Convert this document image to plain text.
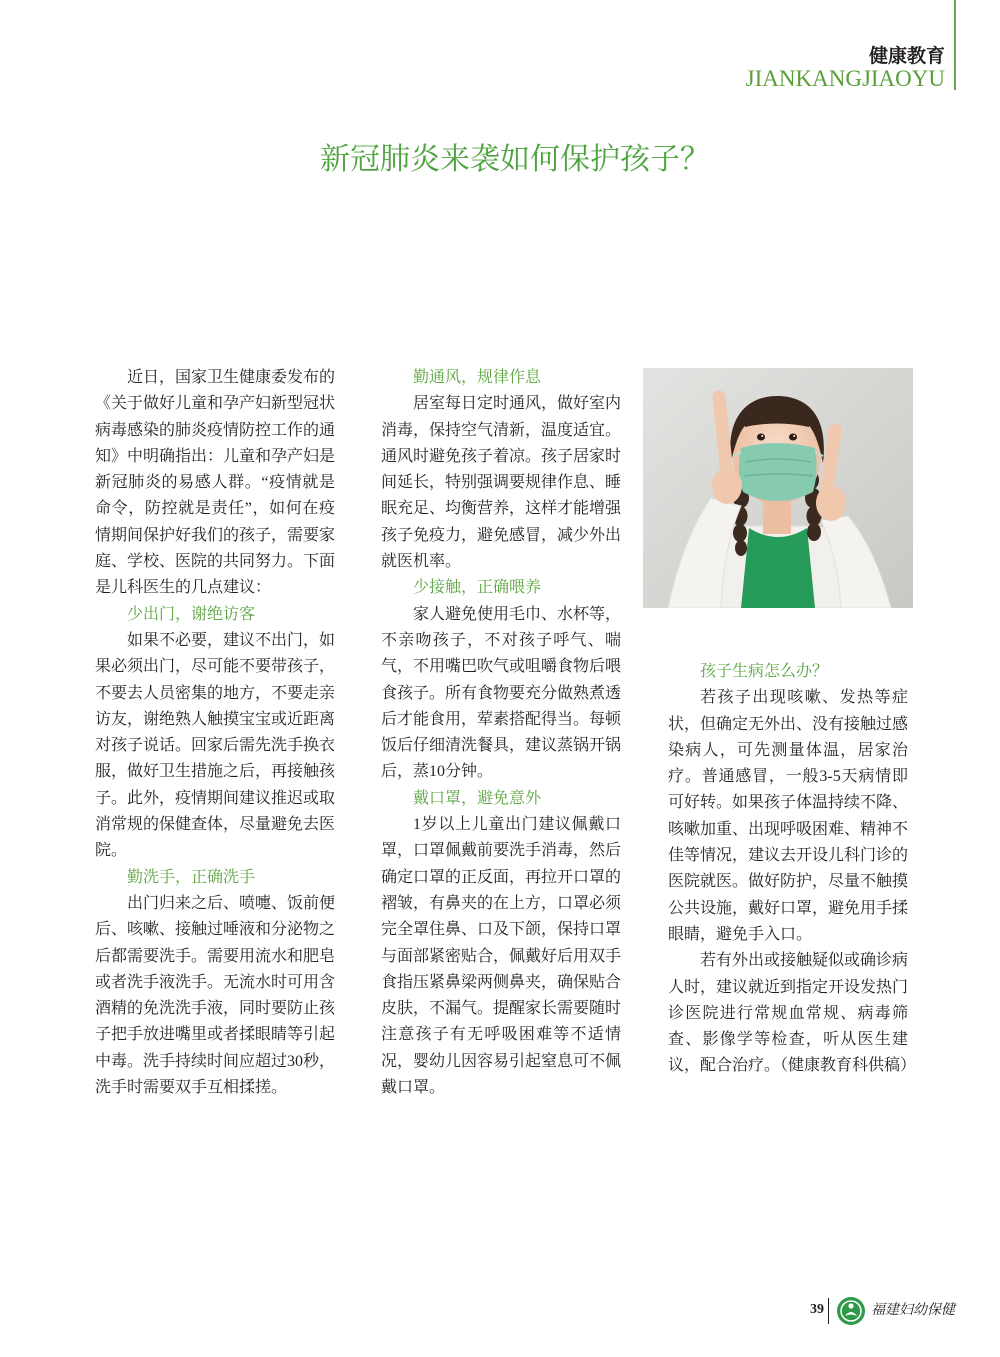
健康教育
JIANKANGJIAOYU
新冠肺炎来袭如何保护孩子？

近日，国家卫生健康委发布的《关于做好儿童和孕产妇新型冠状病毒感染的肺炎疫情防控工作的通知》中明确指出：儿童和孕产妇是新冠肺炎的易感人群。“疫情就是命令，防控就是责任”，如何在疫情期间保护好我们的孩子，需要家庭、学校、医院的共同努力。下面是儿科医生的几点建议：

少出门，谢绝访客

如果不必要，建议不出门，如果必须出门，尽可能不要带孩子，不要去人员密集的地方，不要走亲访友，谢绝熟人触摸宝宝或近距离对孩子说话。回家后需先洗手换衣服，做好卫生措施之后，再接触孩子。此外，疫情期间建议推迟或取消常规的保健查体，尽量避免去医院。

勤洗手，正确洗手

出门归来之后、喷嚏、饭前便后、咳嗽、接触过唾液和分泌物之后都需要洗手。需要用流水和肥皂或者洗手液洗手。无流水时可用含酒精的免洗洗手液，同时要防止孩子把手放进嘴里或者揉眼睛等引起中毒。洗手持续时间应超过30秒，洗手时需要双手互相揉搓。

勤通风，规律作息

居室每日定时通风，做好室内消毒，保持空气清新，温度适宜。通风时避免孩子着凉。孩子居家时间延长，特别强调要规律作息、睡眠充足、均衡营养，这样才能增强孩子免疫力，避免感冒，减少外出就医机率。

少接触，正确喂养

家人避免使用毛巾、水杯等，不亲吻孩子，不对孩子呼气、喘气，不用嘴巴吹气或咀嚼食物后喂食孩子。所有食物要充分做熟煮透后才能食用，荤素搭配得当。每顿饭后仔细清洗餐具，建议蒸锅开锅后，蒸10分钟。

戴口罩，避免意外

1岁以上儿童出门建议佩戴口罩，口罩佩戴前要洗手消毒，然后确定口罩的正反面，再拉开口罩的褶皱，有鼻夹的在上方，口罩必须完全罩住鼻、口及下颌，保持口罩与面部紧密贴合，佩戴好后用双手食指压紧鼻梁两侧鼻夹，确保贴合皮肤，不漏气。提醒家长需要随时注意孩子有无呼吸困难等不适情况，婴幼儿因容易引起窒息可不佩戴口罩。

孩子生病怎么办？

若孩子出现咳嗽、发热等症状，但确定无外出、没有接触过感染病人，可先测量体温，居家治疗。普通感冒，一般3-5天病情即可好转。如果孩子体温持续不降、咳嗽加重、出现呼吸困难、精神不佳等情况，建议去开设儿科门诊的医院就医。做好防护，尽量不触摸公共设施，戴好口罩，避免用手揉眼睛，避免手入口。

若有外出或接触疑似或确诊病人时，建议就近到指定开设发热门诊医院进行常规血常规、病毒筛查、影像学等检查，听从医生建议，配合治疗。（健康教育科供稿）

39	福建妇幼保健
